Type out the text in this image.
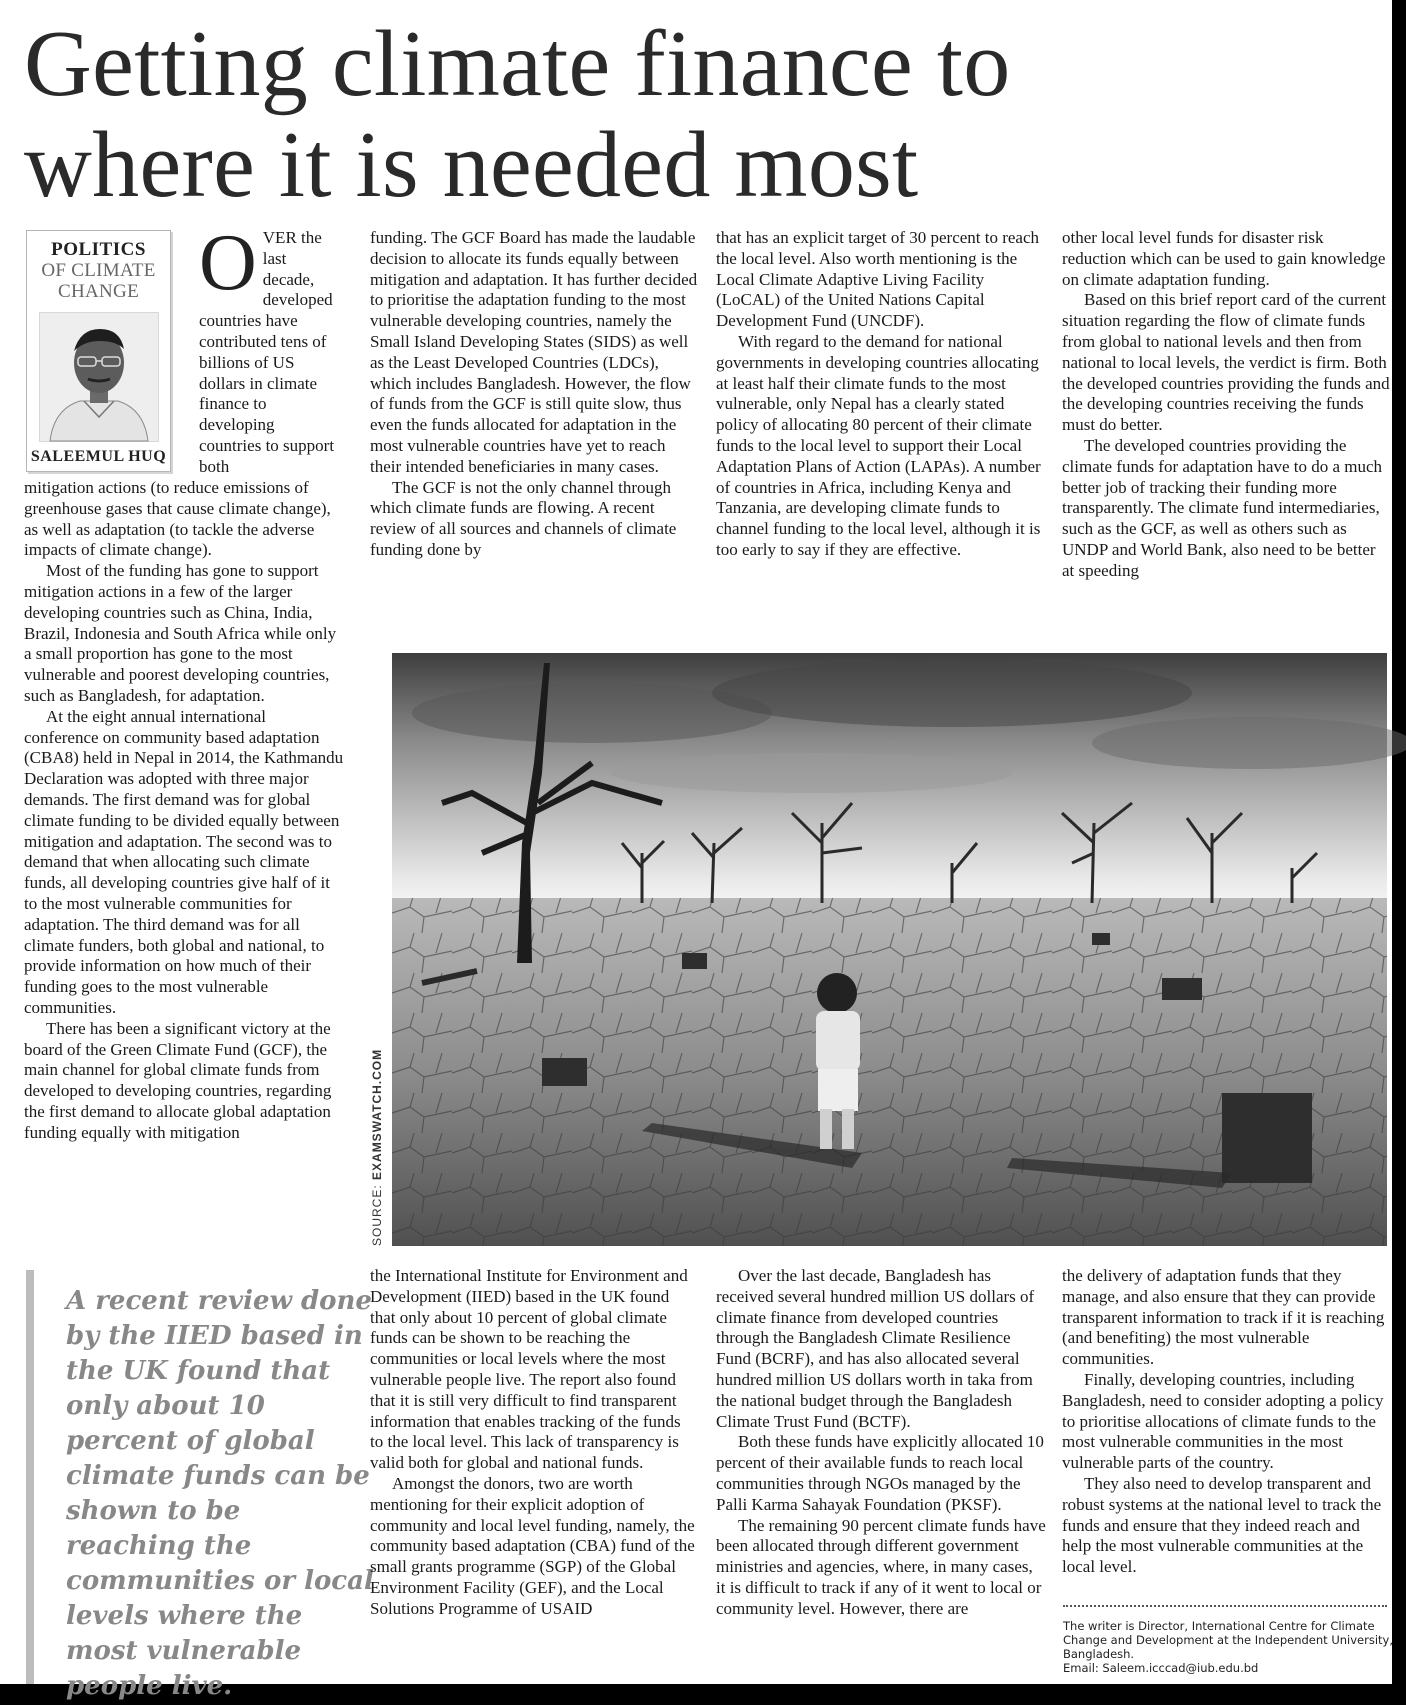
Getting climate finance to
where it is needed most
POLITICS
OF CLIMATE
CHANGE
SALEEMUL HUQ
O VER the last decade, developed countries have contributed tens of billions of US dollars in climate finance to developing countries to support both

mitigation actions (to reduce emissions of greenhouse gases that cause climate change), as well as adaptation (to tackle the adverse impacts of climate change).

Most of the funding has gone to support mitigation actions in a few of the larger developing countries such as China, India, Brazil, Indonesia and South Africa while only a small proportion has gone to the most vulnerable and poorest developing countries, such as Bangladesh, for adaptation.

At the eight annual international conference on community based adaptation (CBA8) held in Nepal in 2014, the Kathmandu Declaration was adopted with three major demands. The first demand was for global climate funding to be divided equally between mitigation and adaptation. The second was to demand that when allocating such climate funds, all developing countries give half of it to the most vulnerable communities for adaptation. The third demand was for all climate funders, both global and national, to provide information on how much of their funding goes to the most vulnerable communities.

There has been a significant victory at the board of the Green Climate Fund (GCF), the main channel for global climate funds from developed to developing countries, regarding the first demand to allocate global adaptation funding equally with mitigation

funding. The GCF Board has made the laudable decision to allocate its funds equally between mitigation and adaptation. It has further decided to prioritise the adaptation funding to the most vulnerable developing countries, namely the Small Island Developing States (SIDS) as well as the Least Developed Countries (LDCs), which includes Bangladesh. However, the flow of funds from the GCF is still quite slow, thus even the funds allocated for adaptation in the most vulnerable countries have yet to reach their intended beneficiaries in many cases.

The GCF is not the only channel through which climate funds are flowing. A recent review of all sources and channels of climate funding done by

that has an explicit target of 30 percent to reach the local level. Also worth mentioning is the Local Climate Adaptive Living Facility (LoCAL) of the United Nations Capital Development Fund (UNCDF).

With regard to the demand for national governments in developing countries allocating at least half their climate funds to the most vulnerable, only Nepal has a clearly stated policy of allocating 80 percent of their climate funds to the local level to support their Local Adaptation Plans of Action (LAPAs). A number of countries in Africa, including Kenya and Tanzania, are developing climate funds to channel funding to the local level, although it is too early to say if they are effective.

other local level funds for disaster risk reduction which can be used to gain knowledge on climate adaptation funding.

Based on this brief report card of the current situation regarding the flow of climate funds from global to national levels and then from national to local levels, the verdict is firm. Both the developed countries providing the funds and the developing countries receiving the funds must do better.

The developed countries providing the climate funds for adaptation have to do a much better job of tracking their funding more transparently. The climate fund intermediaries, such as the GCF, as well as others such as UNDP and World Bank, also need to be better at speeding

SOURCE: EXAMSWATCH.COM

A recent review done by the IIED based in the UK found that only about 10 percent of global climate funds can be shown to be reaching the communities or local levels where the most vulnerable people live.

the International Institute for Environment and Development (IIED) based in the UK found that only about 10 percent of global climate funds can be shown to be reaching the communities or local levels where the most vulnerable people live. The report also found that it is still very difficult to find transparent information that enables tracking of the funds to the local level. This lack of transparency is valid both for global and national funds.

Amongst the donors, two are worth mentioning for their explicit adoption of community and local level funding, namely, the community based adaptation (CBA) fund of the small grants programme (SGP) of the Global Environment Facility (GEF), and the Local Solutions Programme of USAID

Over the last decade, Bangladesh has received several hundred million US dollars of climate finance from developed countries through the Bangladesh Climate Resilience Fund (BCRF), and has also allocated several hundred million US dollars worth in taka from the national budget through the Bangladesh Climate Trust Fund (BCTF).

Both these funds have explicitly allocated 10 percent of their available funds to reach local communities through NGOs managed by the Palli Karma Sahayak Foundation (PKSF).

The remaining 90 percent climate funds have been allocated through different government ministries and agencies, where, in many cases, it is difficult to track if any of it went to local or community level. However, there are

the delivery of adaptation funds that they manage, and also ensure that they can provide transparent information to track if it is reaching (and benefiting) the most vulnerable communities.

Finally, developing countries, including Bangladesh, need to consider adopting a policy to prioritise allocations of climate funds to the most vulnerable communities in the most vulnerable parts of the country.

They also need to develop transparent and robust systems at the national level to track the funds and ensure that they indeed reach and help the most vulnerable communities at the local level.

The writer is Director, International Centre for Climate Change and Development at the Independent University, Bangladesh.
Email: Saleem.icccad@iub.edu.bd
